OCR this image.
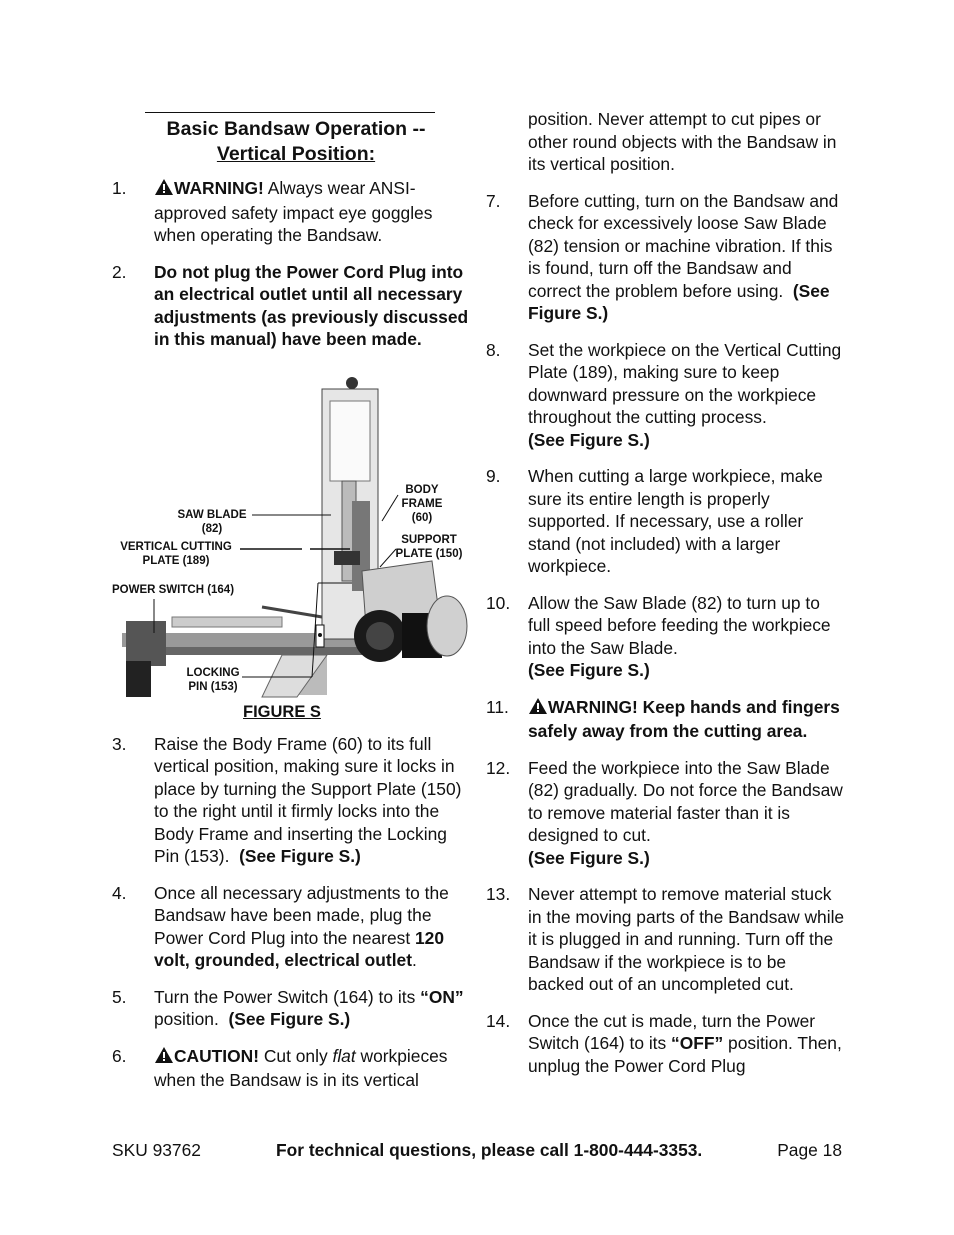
Basic Bandsaw Operation --
Vertical Position:
1.	WARNING! Always wear ANSI-approved safety impact eye goggles when operating the Bandsaw.
2.	Do not plug the Power Cord Plug into an electrical outlet until all necessary adjustments (as previously discussed in this manual) have been made.
SAW BLADE (82)
VERTICAL CUTTING PLATE (189)
POWER SWITCH (164)
LOCKING PIN (153)
BODY FRAME (60)
SUPPORT PLATE (150)
FIGURE S
3.	Raise the Body Frame (60) to its full vertical position, making sure it locks in place by turning the Support Plate (150) to the right until it firmly locks into the Body Frame and inserting the Locking Pin (153). (See Figure S.)
4.	Once all necessary adjustments to the Bandsaw have been made, plug the Power Cord Plug into the nearest 120 volt, grounded, electrical outlet.
5.	Turn the Power Switch (164) to its “ON” position. (See Figure S.)
6.	CAUTION! Cut only flat workpieces when the Bandsaw is in its vertical
position. Never attempt to cut pipes or other round objects with the Bandsaw in its vertical position.
7.	Before cutting, turn on the Bandsaw and check for excessively loose Saw Blade (82) tension or machine vibration. If this is found, turn off the Bandsaw and correct the problem before using. (See Figure S.)
8.	Set the workpiece on the Vertical Cutting Plate (189), making sure to keep downward pressure on the workpiece throughout the cutting process.
(See Figure S.)
9.	When cutting a large workpiece, make sure its entire length is properly supported. If necessary, use a roller stand (not included) with a larger workpiece.
10.	Allow the Saw Blade (82) to turn up to full speed before feeding the workpiece into the Saw Blade.
(See Figure S.)
11.	WARNING! Keep hands and fingers safely away from the cutting area.
12.	Feed the workpiece into the Saw Blade (82) gradually. Do not force the Bandsaw to remove material faster than it is designed to cut.
(See Figure S.)
13.	Never attempt to remove material stuck in the moving parts of the Bandsaw while it is plugged in and running. Turn off the Bandsaw if the workpiece is to be backed out of an uncompleted cut.
14.	Once the cut is made, turn the Power Switch (164) to its “OFF” position. Then, unplug the Power Cord Plug
SKU 93762	For technical questions, please call 1-800-444-3353.	Page 18
